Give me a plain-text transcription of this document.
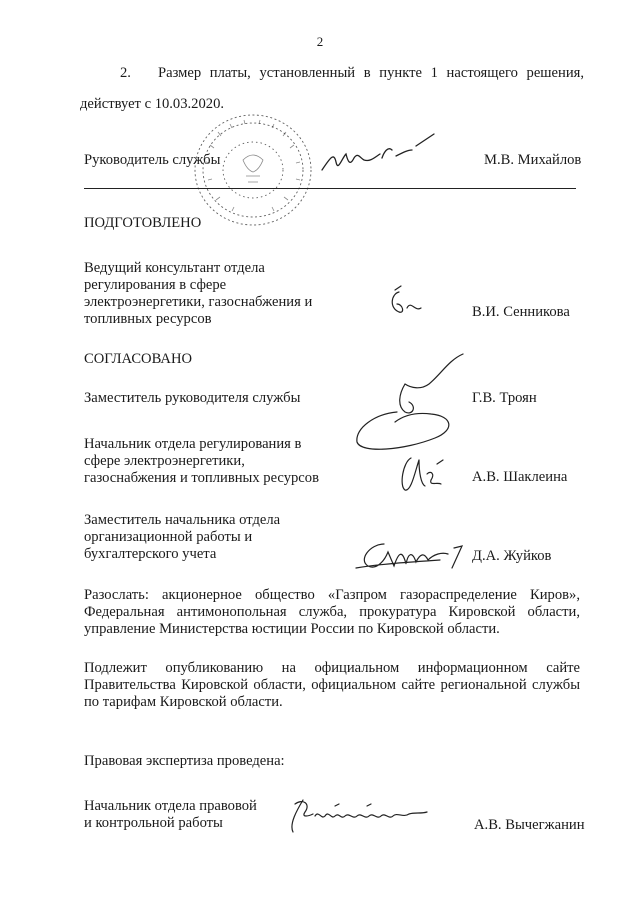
2
2. Размер платы, установленный в пункте 1 настоящего решения, действует с 10.03.2020.
Руководитель службы	М.В. Михайлов
ПОДГОТОВЛЕНО
Ведущий консультант отдела
регулирования в сфере
электроэнергетики, газоснабжения и
топливных ресурсов	В.И. Сенникова
СОГЛАСОВАНО
Заместитель руководителя службы	Г.В. Троян
Начальник отдела регулирования в
сфере электроэнергетики,
газоснабжения и топливных ресурсов	А.В. Шаклеина
Заместитель начальника отдела
организационной работы и
бухгалтерского учета	Д.А. Жуйков
Разослать: акционерное общество «Газпром газораспределение Киров», Федеральная антимонопольная служба, прокуратура Кировской области, управление Министерства юстиции России по Кировской области.
Подлежит опубликованию на официальном информационном сайте Правительства Кировской области, официальном сайте региональной службы по тарифам Кировской области.
Правовая экспертиза проведена:
Начальник отдела правовой
и контрольной работы	А.В. Вычегжанин
